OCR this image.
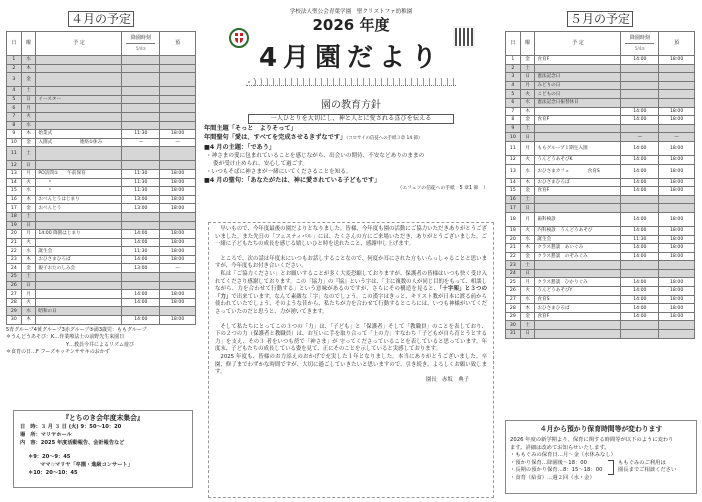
４月の予定
日	曜	予 定	降園時刻
5/4③	預
1	水			
2	木			
3	金			
4	土			
5	日	イースター		
6	月			
7	火			
8	水			
9	木	始業式	11:30	18:00
10	金	入園式　　　　　　連絡①休み	—	—
11	土			
12	日			
13	月	PO訪問①　　午前保育	11:30	18:00
14	火	　　〃	11:30	18:00
15	水	　　〃	11:30	18:00
16	木	おべんとうはじまり	13:00	18:00
17	金	おべんとう	13:00	18:00
18	土			
19	日			
20	月	14:00 降園はじまり	14:00	18:00
21	火		14:00	18:00
22	水	誕生会	11:30	18:00
23	木	おひさまひろば	14:00	18:00
24	金	親子おたのしみ会	13:00	—
25	土			
26	日			
27	月		14:00	18:00
28	火		14:00	18:00
29	水	昭和の日		
30	木		14:00	18:00
5青グループ4黄グループ3赤グループ⑤満3歳児：ももグループ
＊うんどうあそび：K…作業療法士の前野先生来園日
Y…教員今井によるリズム遊び
＊食育の日…F フーズキッチンササキのおかず
『とちのき会年度末集会』
日　時：３ 月 ３ 日 (火) 9：50～10：20
場　所：マリヤホール
内　容：2025 年度活動報告、会計報告など
＊9：20～9：45
ママ☆マリヤ「卒園・進級コンサート」
＊10：20～10：45
学校法人聖公会青葉学園　聖クリストファ幼稚園
2026 年度
4月園だより
園の教育方針
一人ひとりを大切にし、神と人とに愛される喜びを伝える
年間主題「そっと　よりそって」
年間聖句「愛は、すべてを完成させるきずなです」（コロサイの信徒への手紙３章 14 節）
■4 月の主題：「であう」
・神さまの愛に包まれていることを感じながら、出会いの期待、不安などありのままの
姿が受け止められ、安心して過ごす。
・いつもそばに神さまが一緒にいてくださることを知る。
■4 月の聖句：「あなたがたは、神に愛されている子どもです」
（エフェソの信徒への手紙　5 章1 節　）

早いもので、今年度最後の園だよりとなりました。皆様、今年度も園の活動にご協力いただきありがとうございました。また先日の「フェスティバル」には、たくさんの方にご来場いただき、ありがとうございました。ご一緒に子どもたちの成長を感じる嬉しいひと時を送れたこと、感謝申し上げます。

ところで、次の話は年度末にいつもお話しすることなので、何度か耳にされた方もいらっしゃることと思いますが、今年度もお付き合いください。

私は「ご協力ください」とお願いすることが多く大変恐縮しておりますが、保護者の皆様はいつも快く受け入れてくださり感謝しております。この「協力」の『協』という字は、「主に複数の人が同じ目的をもって、相談しながら、力を合わせて行動する」という意味があるのですが、さらにその構造を見ると、「十字架」と３つの「力」で出来ています。なんて素敵な「字」なのでしょう。この漢字はきっと、キリスト教が日本に渡る前から使われていたでしょう、そのような昔から、私たちが力を合わせて行動するところには、いつも神様がいてくださっていたのだと思うと、力が湧いてきます。

そして私たちにとってこの３つの「力」は、「子ども」と「保護者」そして「教職員」のことを表しており、下の２つの力（保護者と教職員）は、お互いに手を取り合って「上の力」すなわち「子どもが自ら育とうとする力」を支え、その３ 者をいつも傍で「神さま」が 守ってくださっていることを表していると思っています。年度末、子どもたちの成長している姿を見て、正にそのことを示していると実感しております。

2025 年度も、皆様のお力添えのおかげで充実した１年となりました。本当にありがとうございました。卒園、修了までわずかな時間ですが、大切に過ごしていきたいと思いますので、引き続き、よろしくお願い致します。

園長　赤坂　典子
５月の予定
日	曜	予 定	降園時刻
5/4③	預
1	金	食育F	14:00	18:00
2	土			
3	日	憲法記念日		
4	月	みどりの日		
5	火	こどもの日		
6	水	憲法記念日振替休日		
7	木		14:00	18:00
8	金	食育F	14:00	18:00
9	土			
10	日		—	—
11	月	ももグループ１期生入園	14:00	18:00
12	火	うんどうあそびK	14:00	18:00
13	水	おひさまカフェ　　　　食育S	14:00	18:00
14	木	おひさまひろば	14:00	18:00
15	金	食育F	14:00	18:00
16	土			
17	日			
18	月	歯科検診	14:00	18:00
19	火	内科検診　うんどうあそび	14:00	18:00
20	水	誕生会	11:30	18:00
21	木	クラス懇談　あいぐみ	14:00	18:00
22	金	クラス懇談　のぞみぐみ	14:00	18:00
23	土			
24	日			
25	月	クラス懇談　ひかりぐみ	14:00	18:00
26	火	うんどうあそびY	14:00	18:00
27	水	食育S	14:00	18:00
28	木	おひさまひろば	14:00	18:00
29	金	食育F	14:00	18:00
30	土			
31	日			
４月から預かり保育時間等が変わります
2026 年度の新学期より、保育に関する時間等が以下のように変わり
ます。詳細は改めてお知らせいたします。
・ももぐみの保育日…月～金（水休みなし）
・預かり保育…降園後～18：00
・長期の預かり保育…8：15～18：00
ももぐみのご利用は
園長までご相談ください
・食育（給食）…週２回（水・金）
